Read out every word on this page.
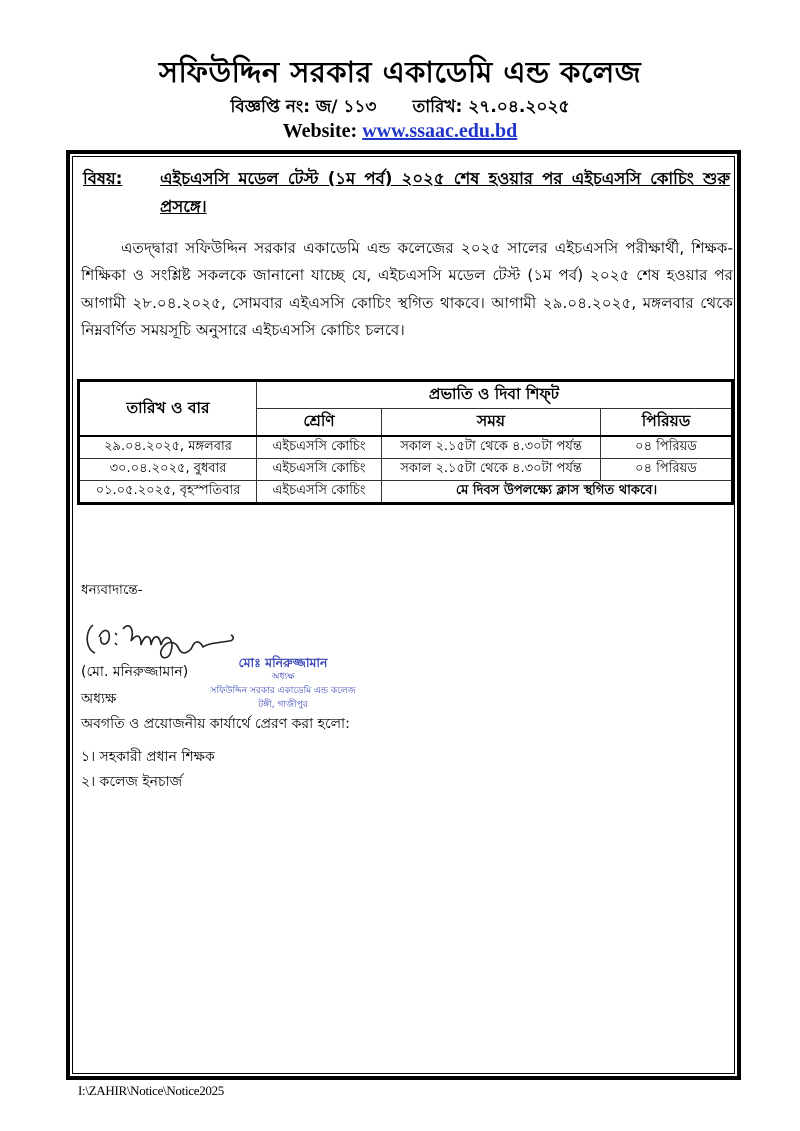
সফিউদ্দিন সরকার একাডেমি এন্ড কলেজ
বিজ্ঞপ্তি নং: জ/ ১১৩ তারিখ: ২৭.০৪.২০২৫
Website: www.ssaac.edu.bd
বিষয়: এইচএসসি মডেল টেস্ট (১ম পর্ব) ২০২৫ শেষ হওয়ার পর এইচএসসি কোচিং শুরু প্রসঙ্গে।
এতদ্দ্বারা সফিউদ্দিন সরকার একাডেমি এন্ড কলেজের ২০২৫ সালের এইচএসসি পরীক্ষার্থী, শিক্ষক-শিক্ষিকা ও সংশ্লিষ্ট সকলকে জানানো যাচ্ছে যে, এইচএসসি মডেল টেস্ট (১ম পর্ব) ২০২৫ শেষ হওয়ার পর আগামী ২৮.০৪.২০২৫, সোমবার এইএসসি কোচিং স্থগিত থাকবে। আগামী ২৯.০৪.২০২৫, মঙ্গলবার থেকে নিম্নবর্ণিত সময়সূচি অনুসারে এইচএসসি কোচিং চলবে।
তারিখ ও বার	প্রভাতি ও দিবা শিফ্‌ট		
	শ্রেণি	সময়	পিরিয়ড
২৯.০৪.২০২৫, মঙ্গলবার	এইচএসসি কোচিং	সকাল ২.১৫টা থেকে ৪.৩০টা পর্যন্ত	০৪ পিরিয়ড
৩০.০৪.২০২৫, বুধবার	এইচএসসি কোচিং	সকাল ২.১৫টা থেকে ৪.৩০টা পর্যন্ত	০৪ পিরিয়ড
০১.০৫.২০২৫, বৃহস্পতিবার	এইচএসসি কোচিং	মে দিবস উপলক্ষ্যে ক্লাস স্থগিত থাকবে।	
ধন্যবাদান্তে-
(মো. মনিরুজ্জামান)
মোঃ মনিরুজ্জামান
অধ্যক্ষ
সফিউদ্দিন সরকার একাডেমি এন্ড কলেজ
টঙ্গী, গাজীপুর
অধ্যক্ষ
অবগতি ও প্রয়োজনীয় কার্যার্থে প্রেরণ করা হলো:
১। সহকারী প্রধান শিক্ষক
২। কলেজ ইনচার্জ
I:\ZAHIR\Notice\Notice2025
